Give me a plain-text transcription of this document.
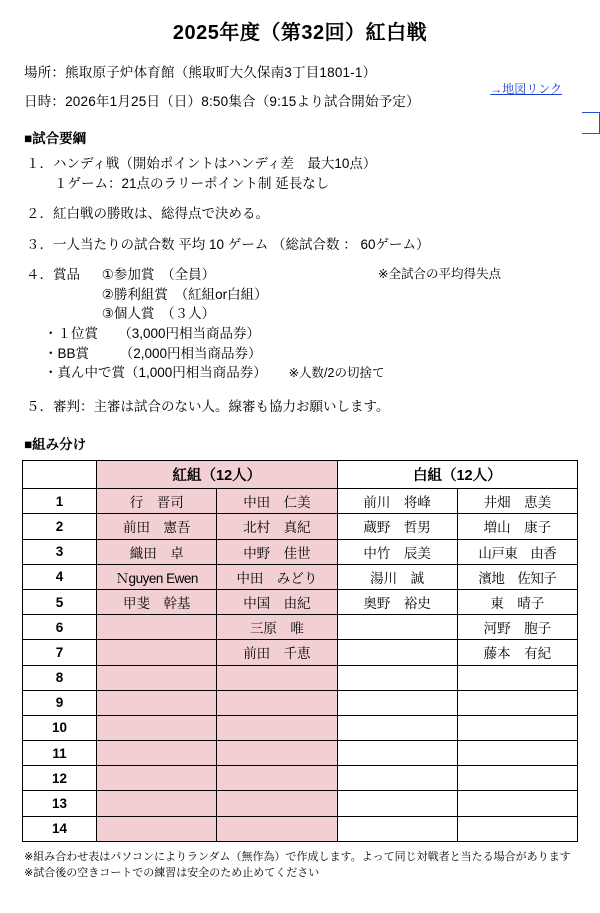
2025年度（第32回）紅白戦
場所：熊取原子炉体育館（熊取町大久保南3丁目1801-1）
日時：2026年1月25日（日）8:50集合（9:15より試合開始予定）
→地図リンク
■試合要綱
１．ハンディ戦（開始ポイントはハンディ差　最大10点）
１ゲーム：21点のラリーポイント制 延長なし
２．紅白戦の勝敗は、総得点で決める。
３．一人当たりの試合数 平均 10 ゲーム （総試合数 ： 60ゲーム）
４．賞品 ①参加賞　（全員）
②勝利組賞　（紅組or白組）
③個人賞　（３人）
※全試合の平均得失点
・１位賞　　（3,000円相当商品券）
・BB賞　　 （2,000円相当商品券）
・真ん中で賞（1,000円相当商品券） ※人数/2の切捨て
５．審判：主審は試合のない人。線審も協力お願いします。
■組み分け
	紅組（12人）		白組（12人）	
1	行　晋司	中田　仁美	前川　将峰	井畑　恵美
2	前田　憲吾	北村　真紀	蔵野　哲男	増山　康子
3	織田　卓	中野　佳世	中竹　辰美	山戸東　由香
4	Ｎguyen Ewen	中田　みどり	湯川　誠	濱地　佐知子
5	甲斐　幹基	中国　由紀	奥野　裕史	東　晴子
6		三原　唯		河野　胞子
7		前田　千恵		藤本　有紀
8				
9				
10				
11				
12				
13				
14				
※組み合わせ表はパソコンによりランダム（無作為）で作成します。よって同じ対戦者と当たる場合があります
※試合後の空きコートでの練習は安全のため止めてください
